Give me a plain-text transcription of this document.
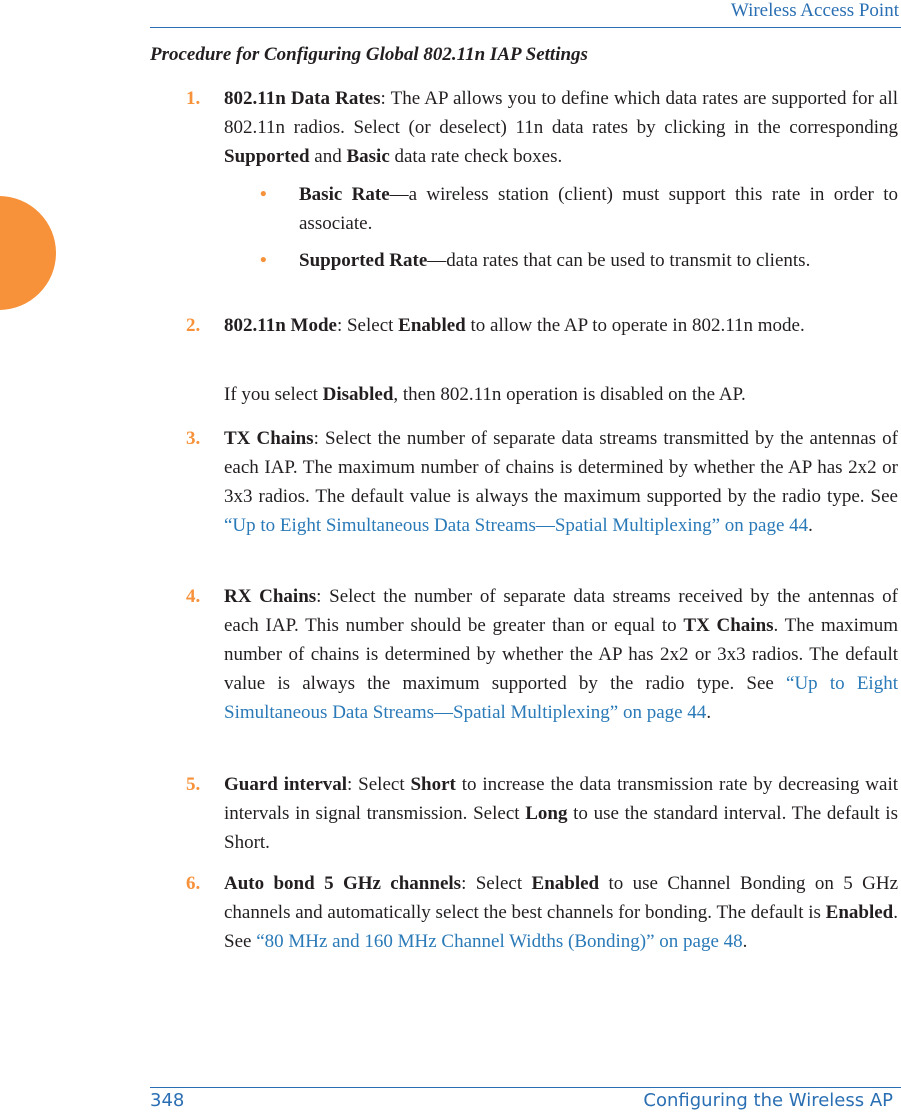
Wireless Access Point
Procedure for Configuring Global 802.11n IAP Settings
1. 802.11n Data Rates: The AP allows you to define which data rates are supported for all 802.11n radios. Select (or deselect) 11n data rates by clicking in the corresponding Supported and Basic data rate check boxes.

• Basic Rate—a wireless station (client) must support this rate in order to associate.

• Supported Rate—data rates that can be used to transmit to clients.

2. 802.11n Mode: Select Enabled to allow the AP to operate in 802.11n mode.

If you select Disabled, then 802.11n operation is disabled on the AP.

3. TX Chains: Select the number of separate data streams transmitted by the antennas of each IAP. The maximum number of chains is determined by whether the AP has 2x2 or 3x3 radios. The default value is always the maximum supported by the radio type. See “Up to Eight Simultaneous Data Streams—Spatial Multiplexing” on page 44.

4. RX Chains: Select the number of separate data streams received by the antennas of each IAP. This number should be greater than or equal to TX Chains. The maximum number of chains is determined by whether the AP has 2x2 or 3x3 radios. The default value is always the maximum supported by the radio type. See “Up to Eight Simultaneous Data Streams—Spatial Multiplexing” on page 44.

5. Guard interval: Select Short to increase the data transmission rate by decreasing wait intervals in signal transmission. Select Long to use the standard interval. The default is Short.

6. Auto bond 5 GHz channels: Select Enabled to use Channel Bonding on 5 GHz channels and automatically select the best channels for bonding. The default is Enabled. See “80 MHz and 160 MHz Channel Widths (Bonding)” on page 48.

348	Configuring the Wireless AP
